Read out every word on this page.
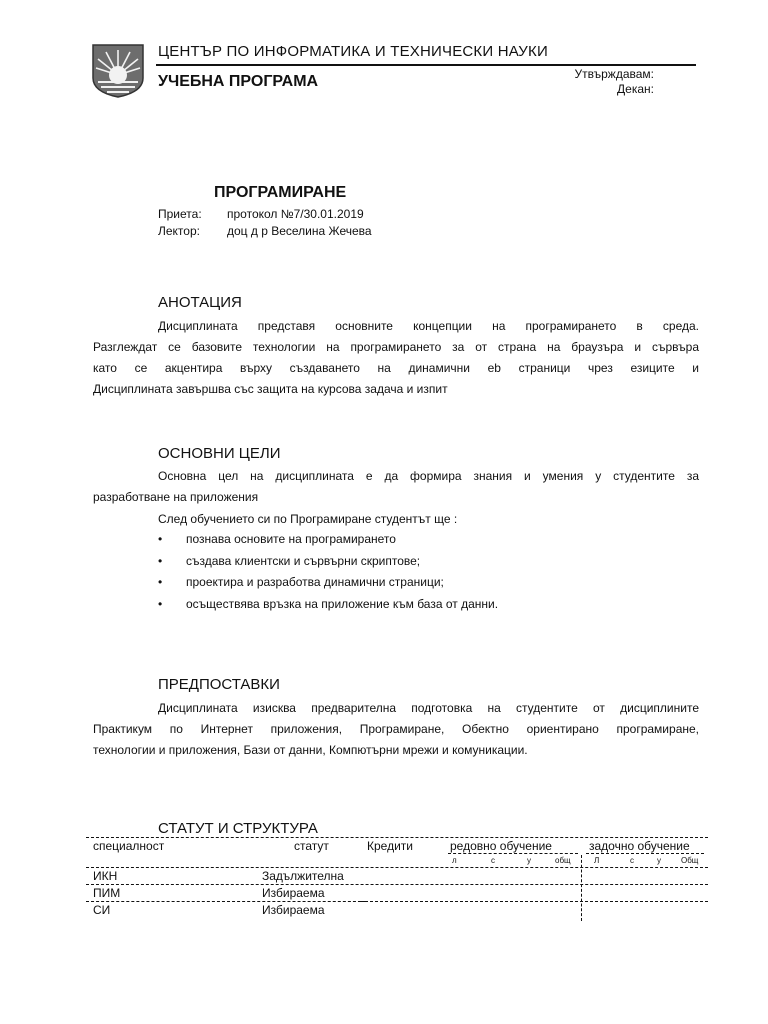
ЦЕНТЪР ПО ИНФОРМАТИКА И ТЕХНИЧЕСКИ НАУКИ
УЧЕБНА ПРОГРАМА	Утвърждавам:
Декан:
ПРОГРАМИРАНЕ
Приета: протокол №7/30.01.2019
Лектор: доц д р Веселина Жечева
АНОТАЦИЯ
Дисциплината представя основните концепции на програмирането в среда.
Разглеждат се базовите технологии на програмирането за от страна на браузъра и сървъра
като се акцентира върху създаването на динамични eb страници чрез езиците и
Дисциплината завършва със защита на курсова задача и изпит
ОСНОВНИ ЦЕЛИ
Основна цел на дисциплината е да формира знания и умения у студентите за
разработване на приложения
След обучението си по Програмиране студентът ще :
•	познава основите на програмирането
•	създава клиентски и сървърни скриптове;
•	проектира и разработва динамични страници;
•	осъществява връзка на приложение към база от данни.
ПРЕДПОСТАВКИ
Дисциплината изисква предварителна подготовка на студентите от дисциплините
Практикум по Интернет приложения, Програмиране, Обектно ориентирано програмиране,
технологии и приложения, Бази от данни, Компютърни мрежи и комуникации.
СТАТУТ И СТРУКТУРА
специалност	статут	Кредити	редовно обучение	задочно обучение
л	с	у	общ	Л	с	у	Общ
ИКН	Задължителна
ПИМ	Избираема
СИ	Избираема
